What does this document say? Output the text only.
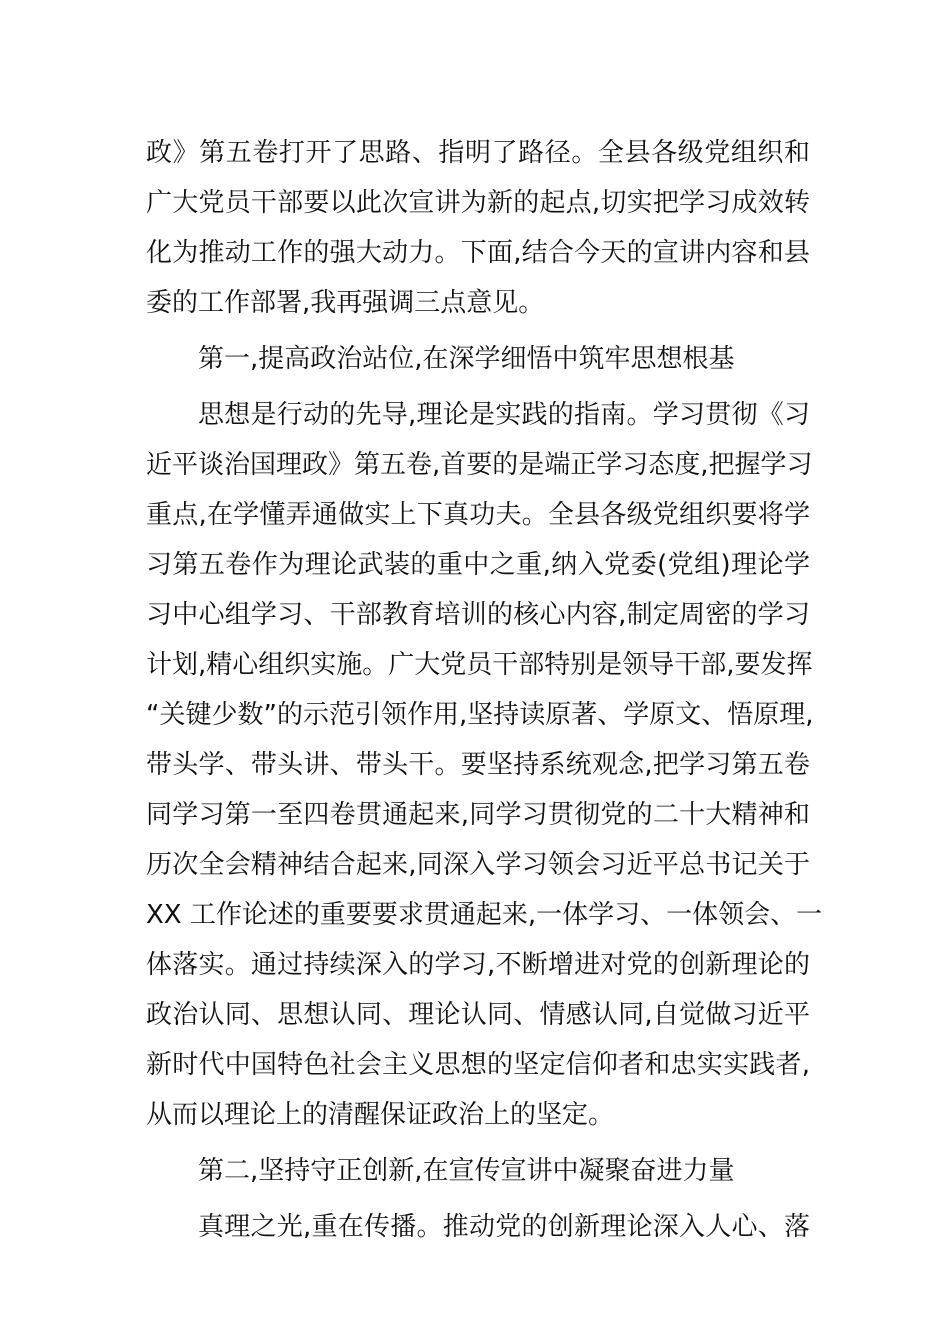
政》第五卷打开了思路、指明了路径。全县各级党组织和
广大党员干部要以此次宣讲为新的起点,切实把学习成效转
化为推动工作的强大动力。下面,结合今天的宣讲内容和县
委的工作部署,我再强调三点意见。
第一,提高政治站位,在深学细悟中筑牢思想根基
思想是行动的先导,理论是实践的指南。学习贯彻《习
近平谈治国理政》第五卷,首要的是端正学习态度,把握学习
重点,在学懂弄通做实上下真功夫。全县各级党组织要将学
习第五卷作为理论武装的重中之重,纳入党委(党组)理论学
习中心组学习、干部教育培训的核心内容,制定周密的学习
计划,精心组织实施。广大党员干部特别是领导干部,要发挥
“关键少数”的示范引领作用,坚持读原著、学原文、悟原理,
带头学、带头讲、带头干。要坚持系统观念,把学习第五卷
同学习第一至四卷贯通起来,同学习贯彻党的二十大精神和
历次全会精神结合起来,同深入学习领会习近平总书记关于
XX 工作论述的重要要求贯通起来,一体学习、一体领会、一
体落实。通过持续深入的学习,不断增进对党的创新理论的
政治认同、思想认同、理论认同、情感认同,自觉做习近平
新时代中国特色社会主义思想的坚定信仰者和忠实实践者,
从而以理论上的清醒保证政治上的坚定。
第二,坚持守正创新,在宣传宣讲中凝聚奋进力量
真理之光,重在传播。推动党的创新理论深入人心、落
